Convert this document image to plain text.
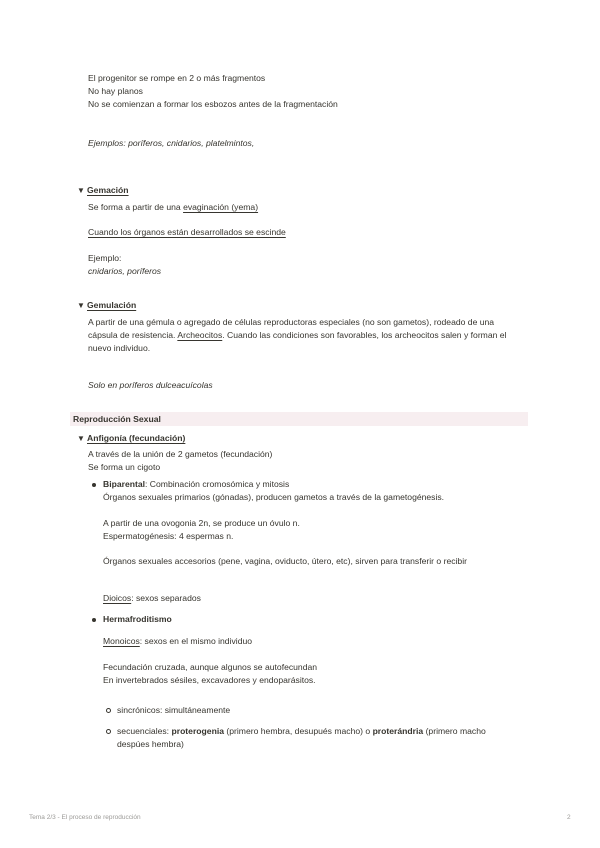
El progenitor se rompe en 2 o más fragmentos
No hay planos
No se comienzan a formar los esbozos antes de la fragmentación
Ejemplos: poríferos, cnidarios, platelmintos,
▼ Gemación
Se forma a partir de una evaginación (yema)
Cuando los órganos están desarrollados se escinde
Ejemplo:
cnidarios, poríferos
▼ Gemulación
A partir de una gémula o agregado de células reproductoras especiales (no son gametos), rodeado de una
cápsula de resistencia. Archeocitos. Cuando las condiciones son favorables, los archeocitos salen y forman el
nuevo individuo.
Solo en poríferos dulceacuícolas
Reproducción Sexual
▼ Anfigonía (fecundación)
A través de la unión de 2 gametos (fecundación)
Se forma un cigoto
Biparental: Combinación cromosómica y mitosis
Órganos sexuales primarios (gónadas), producen gametos a través de la gametogénesis.
A partir de una ovogonia 2n, se produce un óvulo n.
Espermatogénesis: 4 espermas n.
Órganos sexuales accesorios (pene, vagina, oviducto, útero, etc), sirven para transferir o recibir
Dioicos: sexos separados
Hermafroditismo
Monoicos: sexos en el mismo individuo
Fecundación cruzada, aunque algunos se autofecundan
En invertebrados sésiles, excavadores y endoparásitos.
sincrónicos: simultáneamente
secuenciales: proterogenia (primero hembra, desupués macho) o proterándria (primero macho
despúes hembra)
Tema 2/3 - El proceso de reproducción	2
